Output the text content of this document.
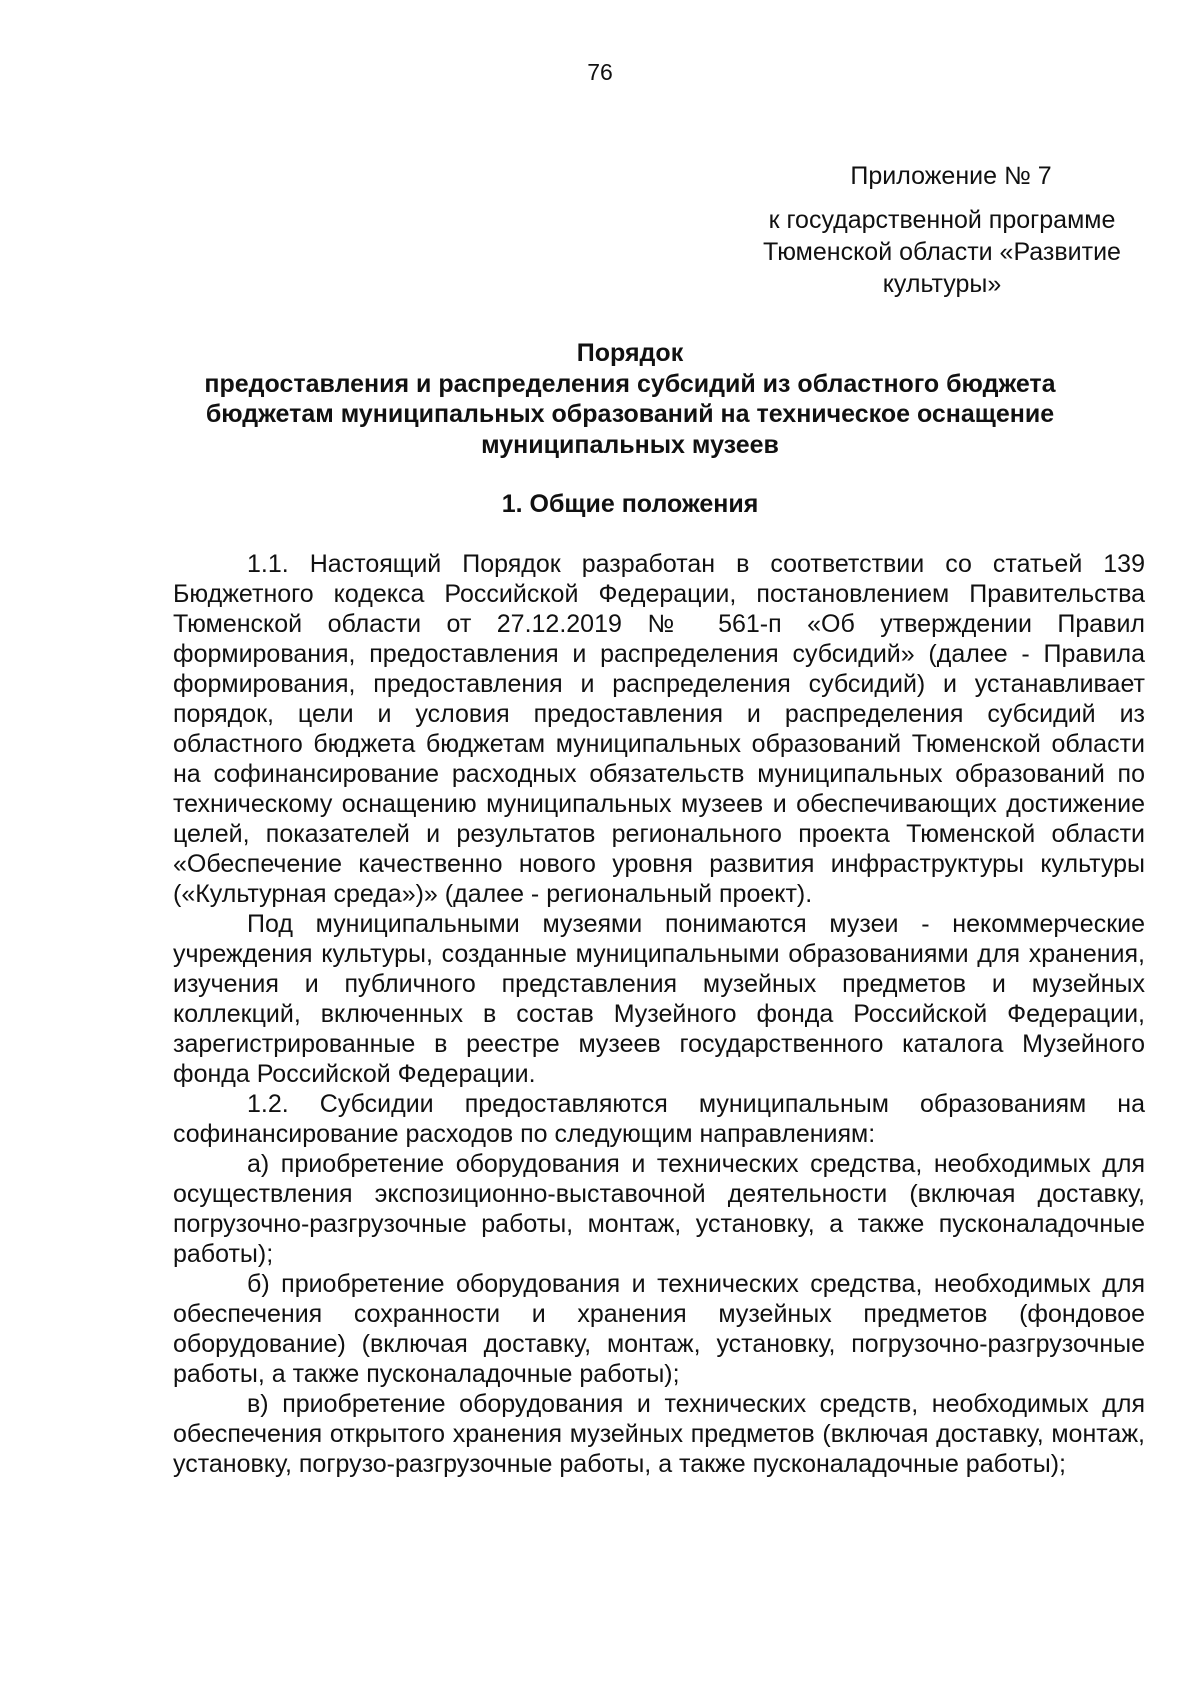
76
Приложение № 7
к государственной программе
Тюменской области «Развитие
культуры»
Порядок
предоставления и распределения субсидий из областного бюджета
бюджетам муниципальных образований на техническое оснащение
муниципальных музеев
1. Общие положения

1.1. Настоящий Порядок разработан в соответствии со статьей 139 Бюджетного кодекса Российской Федерации, постановлением Правительства Тюменской области от 27.12.2019 № 561-п «Об утверждении Правил формирования, предоставления и распределения субсидий» (далее - Правила формирования, предоставления и распределения субсидий) и устанавливает порядок, цели и условия предоставления и распределения субсидий из областного бюджета бюджетам муниципальных образований Тюменской области на софинансирование расходных обязательств муниципальных образований по техническому оснащению муниципальных музеев и обеспечивающих достижение целей, показателей и результатов регионального проекта Тюменской области «Обеспечение качественно нового уровня развития инфраструктуры культуры («Культурная среда»)» (далее - региональный проект).

Под муниципальными музеями понимаются музеи - некоммерческие учреждения культуры, созданные муниципальными образованиями для хранения, изучения и публичного представления музейных предметов и музейных коллекций, включенных в состав Музейного фонда Российской Федерации, зарегистрированные в реестре музеев государственного каталога Музейного фонда Российской Федерации.

1.2. Субсидии предоставляются муниципальным образованиям на софинансирование расходов по следующим направлениям:

а) приобретение оборудования и технических средства, необходимых для осуществления экспозиционно-выставочной деятельности (включая доставку, погрузочно-разгрузочные работы, монтаж, установку, а также пусконаладочные работы);

б) приобретение оборудования и технических средства, необходимых для обеспечения сохранности и хранения музейных предметов (фондовое оборудование) (включая доставку, монтаж, установку, погрузочно-разгрузочные работы, а также пусконаладочные работы);

в) приобретение оборудования и технических средств, необходимых для обеспечения открытого хранения музейных предметов (включая доставку, монтаж, установку, погрузо-разгрузочные работы, а также пусконаладочные работы);
